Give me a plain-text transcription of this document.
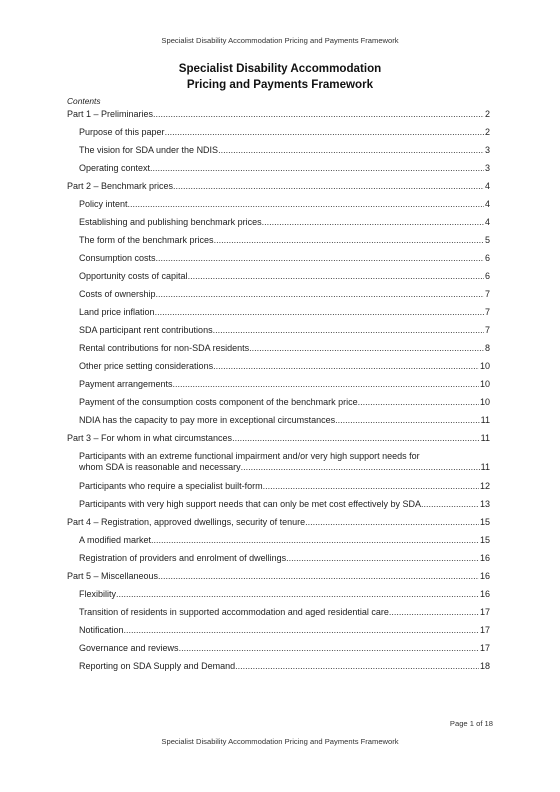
Specialist Disability Accommodation Pricing and Payments Framework
Specialist Disability Accommodation
Pricing and Payments Framework
Contents
Part 1 – Preliminaries .....	2
Purpose of this paper .....	2
The vision for SDA under the NDIS .....	3
Operating context .....	3
Part 2 – Benchmark prices .....	4
Policy intent .....	4
Establishing and publishing benchmark prices .....	4
The form of the benchmark prices .....	5
Consumption costs .....	6
Opportunity costs of capital .....	6
Costs of ownership .....	7
Land price inflation .....	7
SDA participant rent contributions .....	7
Rental contributions for non-SDA residents .....	8
Other price setting considerations .....	10
Payment arrangements .....	10
Payment of the consumption costs component of the benchmark price .....	10
NDIA has the capacity to pay more in exceptional circumstances .....	11
Part 3 – For whom in what circumstances .....	11
Participants with an extreme functional impairment and/or very high support needs for
whom SDA is reasonable and necessary .....	11
Participants who require a specialist built-form .....	12
Participants with very high support needs that can only be met cost effectively by SDA .....	13
Part 4 – Registration, approved dwellings, security of tenure .....	15
A modified market .....	15
Registration of providers and enrolment of dwellings .....	16
Part 5 – Miscellaneous .....	16
Flexibility .....	16
Transition of residents in supported accommodation and aged residential care .....	17
Notification .....	17
Governance and reviews .....	17
Reporting on SDA Supply and Demand .....	18
Page 1 of 18
Specialist Disability Accommodation Pricing and Payments Framework
